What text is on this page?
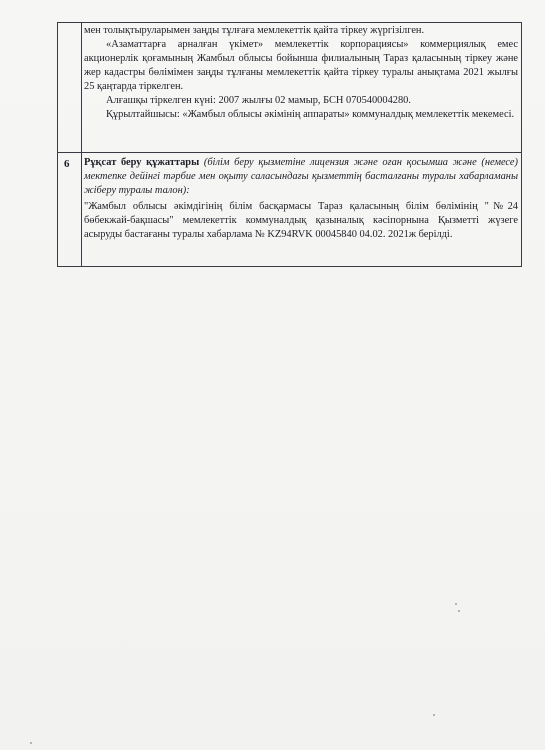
мен толықтыруларымен заңды тұлғаға мемлекеттік қайта тіркеу жүргізілген.

«Азаматтарға арналған үкімет» мемлекеттік корпорациясы» коммерциялық емес акционерлік қоғамының Жамбыл облысы бойынша филиалының Тараз қаласының тіркеу және жер кадастры бөлімімен заңды тұлғаны мемлекеттік қайта тіркеу туралы анықтама 2021 жылғы 25 қаңтарда тіркелген.

Алғашқы тіркелген күні: 2007 жылғы 02 мамыр, БСН 070540004280.

Құрылтайшысы: «Жамбыл облысы әкімінің аппараты» коммуналдық мемлекеттік мекемесі.

6 Рұқсат беру құжаттары (білім беру қызметіне лицензия және оған қосымша және (немесе) мектепке дейінгі тәрбие мен оқыту саласындағы қызметтің басталғаны туралы хабарламаны жіберу туралы талон):

"Жамбыл облысы әкімдігінің білім басқармасы Тараз қаласының білім бөлімінің "№24 бөбекжай-бақшасы" мемлекеттік коммуналдық қазыналық кәсіпорнына Қызметті жүзеге асыруды бастағаны туралы хабарлама № KZ94RVK 00045840 04.02. 2021ж берілді.
